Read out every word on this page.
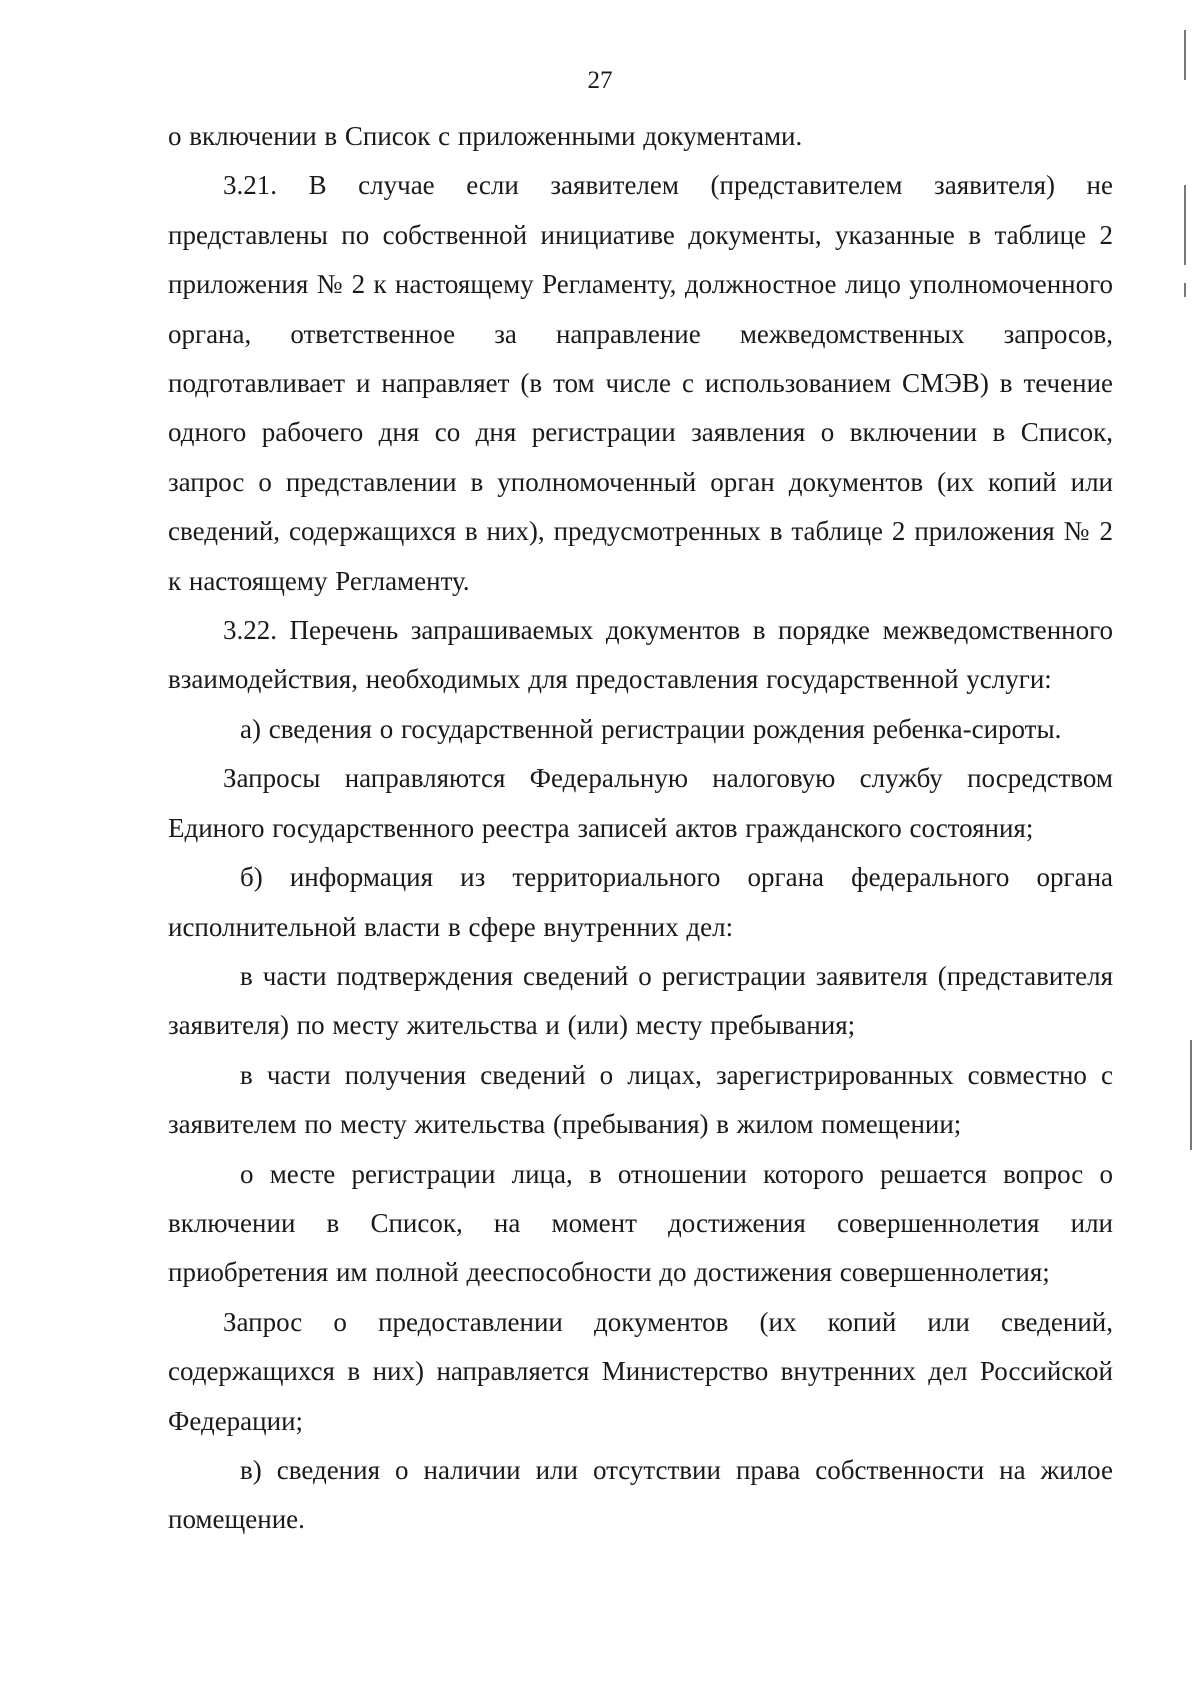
27

о включении в Список с приложенными документами.

3.21. В случае если заявителем (представителем заявителя) не представлены по собственной инициативе документы, указанные в таблице 2 приложения № 2 к настоящему Регламенту, должностное лицо уполномоченного органа, ответственное за направление межведомственных запросов, подготавливает и направляет (в том числе с использованием СМЭВ) в течение одного рабочего дня со дня регистрации заявления о включении в Список, запрос о представлении в уполномоченный орган документов (их копий или сведений, содержащихся в них), предусмотренных в таблице 2 приложения № 2 к настоящему Регламенту.

3.22. Перечень запрашиваемых документов в порядке межведомственного взаимодействия, необходимых для предоставления государственной услуги:

а) сведения о государственной регистрации рождения ребенка-сироты.

Запросы направляются Федеральную налоговую службу посредством Единого государственного реестра записей актов гражданского состояния;

б) информация из территориального органа федерального органа исполнительной власти в сфере внутренних дел:

в части подтверждения сведений о регистрации заявителя (представителя заявителя) по месту жительства и (или) месту пребывания;

в части получения сведений о лицах, зарегистрированных совместно с заявителем по месту жительства (пребывания) в жилом помещении;

о месте регистрации лица, в отношении которого решается вопрос о включении в Список, на момент достижения совершеннолетия или приобретения им полной дееспособности до достижения совершеннолетия;

Запрос о предоставлении документов (их копий или сведений, содержащихся в них) направляется Министерство внутренних дел Российской Федерации;

в) сведения о наличии или отсутствии права собственности на жилое помещение.
